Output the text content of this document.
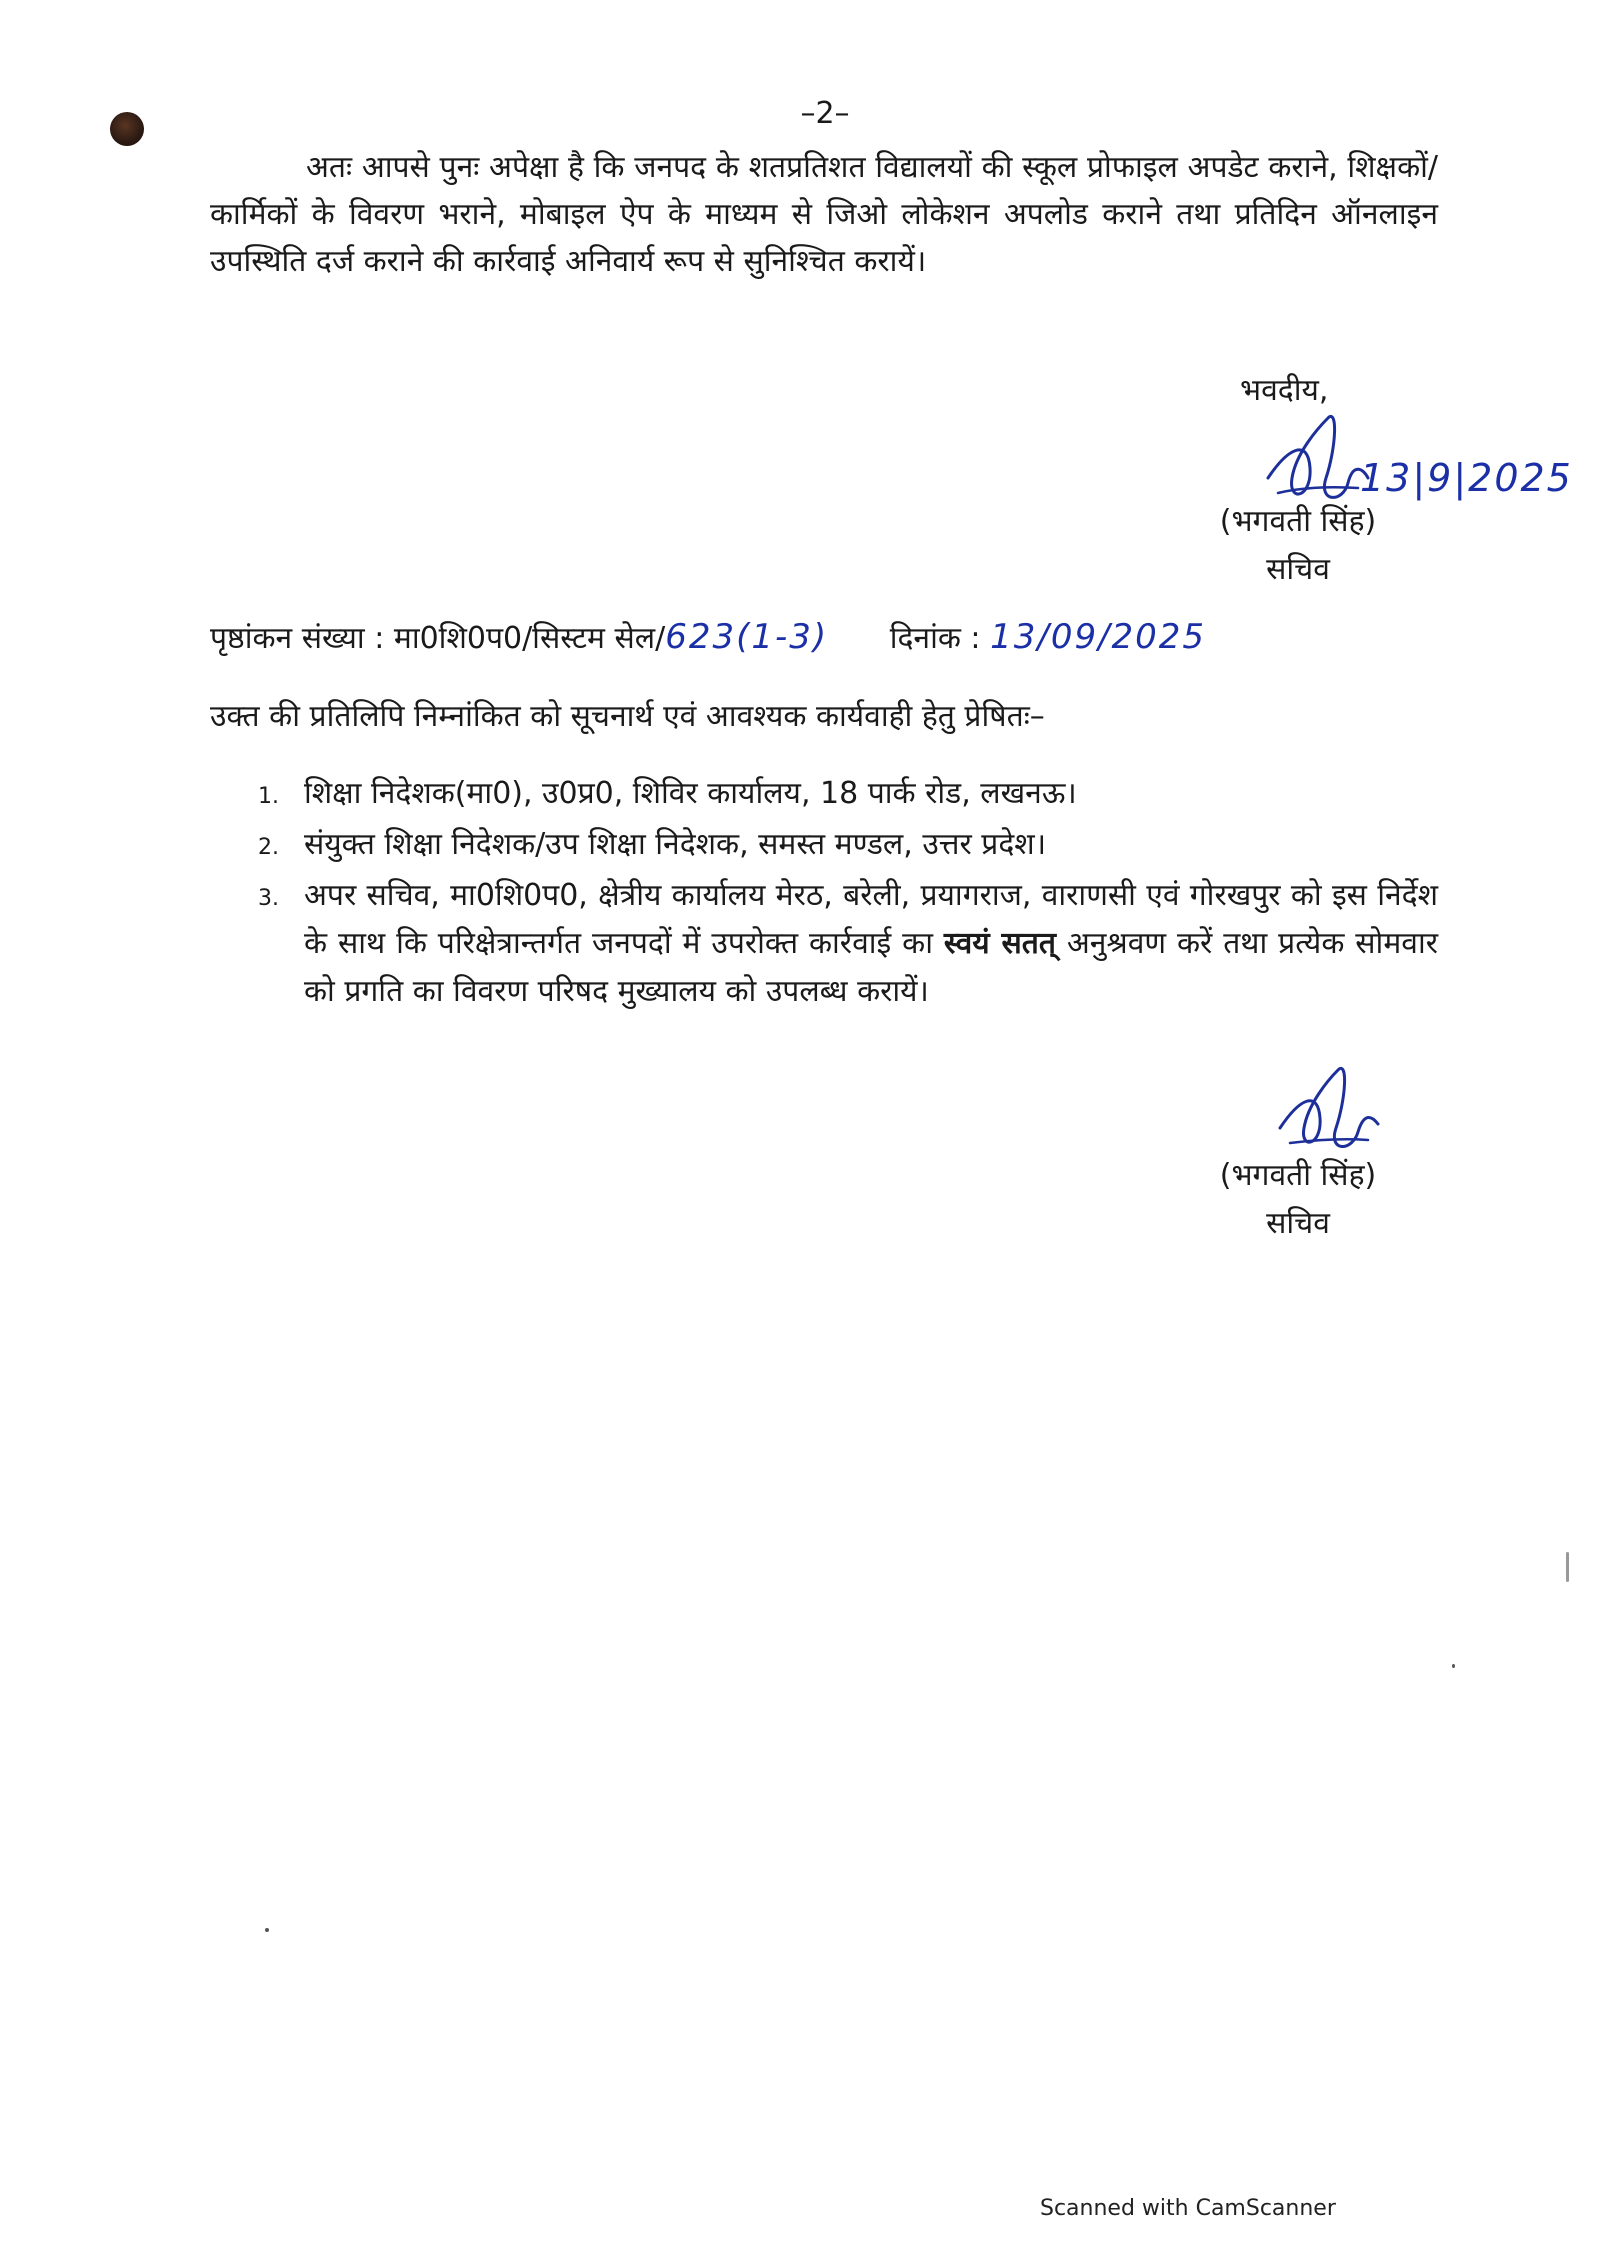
–2–

अतः आपसे पुनः अपेक्षा है कि जनपद के शतप्रतिशत विद्यालयों की स्कूल प्रोफाइल अपडेट कराने, शिक्षकों/कार्मिकों के विवरण भराने, मोबाइल ऐप के माध्यम से जिओ लोकेशन अपलोड कराने तथा प्रतिदिन ऑनलाइन उपस्थिति दर्ज कराने की कार्रवाई अनिवार्य रूप से सुनिश्चित करायें।

भवदीय,
13|9|2025
(भगवती सिंह)
सचिव
पृष्ठांकन संख्या : मा0शि0प0/सिस्टम सेल/623(1-3) दिनांक : 13/09/2025
उक्त की प्रतिलिपि निम्नांकित को सूचनार्थ एवं आवश्यक कार्यवाही हेतु प्रेषितः–
1. शिक्षा निदेशक(मा0), उ0प्र0, शिविर कार्यालय, 18 पार्क रोड, लखनऊ।
2. संयुक्त शिक्षा निदेशक/उप शिक्षा निदेशक, समस्त मण्डल, उत्तर प्रदेश।
3. अपर सचिव, मा0शि0प0, क्षेत्रीय कार्यालय मेरठ, बरेली, प्रयागराज, वाराणसी एवं गोरखपुर को इस निर्देश के साथ कि परिक्षेत्रान्तर्गत जनपदों में उपरोक्त कार्रवाई का स्वयं सतत् अनुश्रवण करें तथा प्रत्येक सोमवार को प्रगति का विवरण परिषद मुख्यालय को उपलब्ध करायें।
(भगवती सिंह)
सचिव
Scanned with CamScanner
